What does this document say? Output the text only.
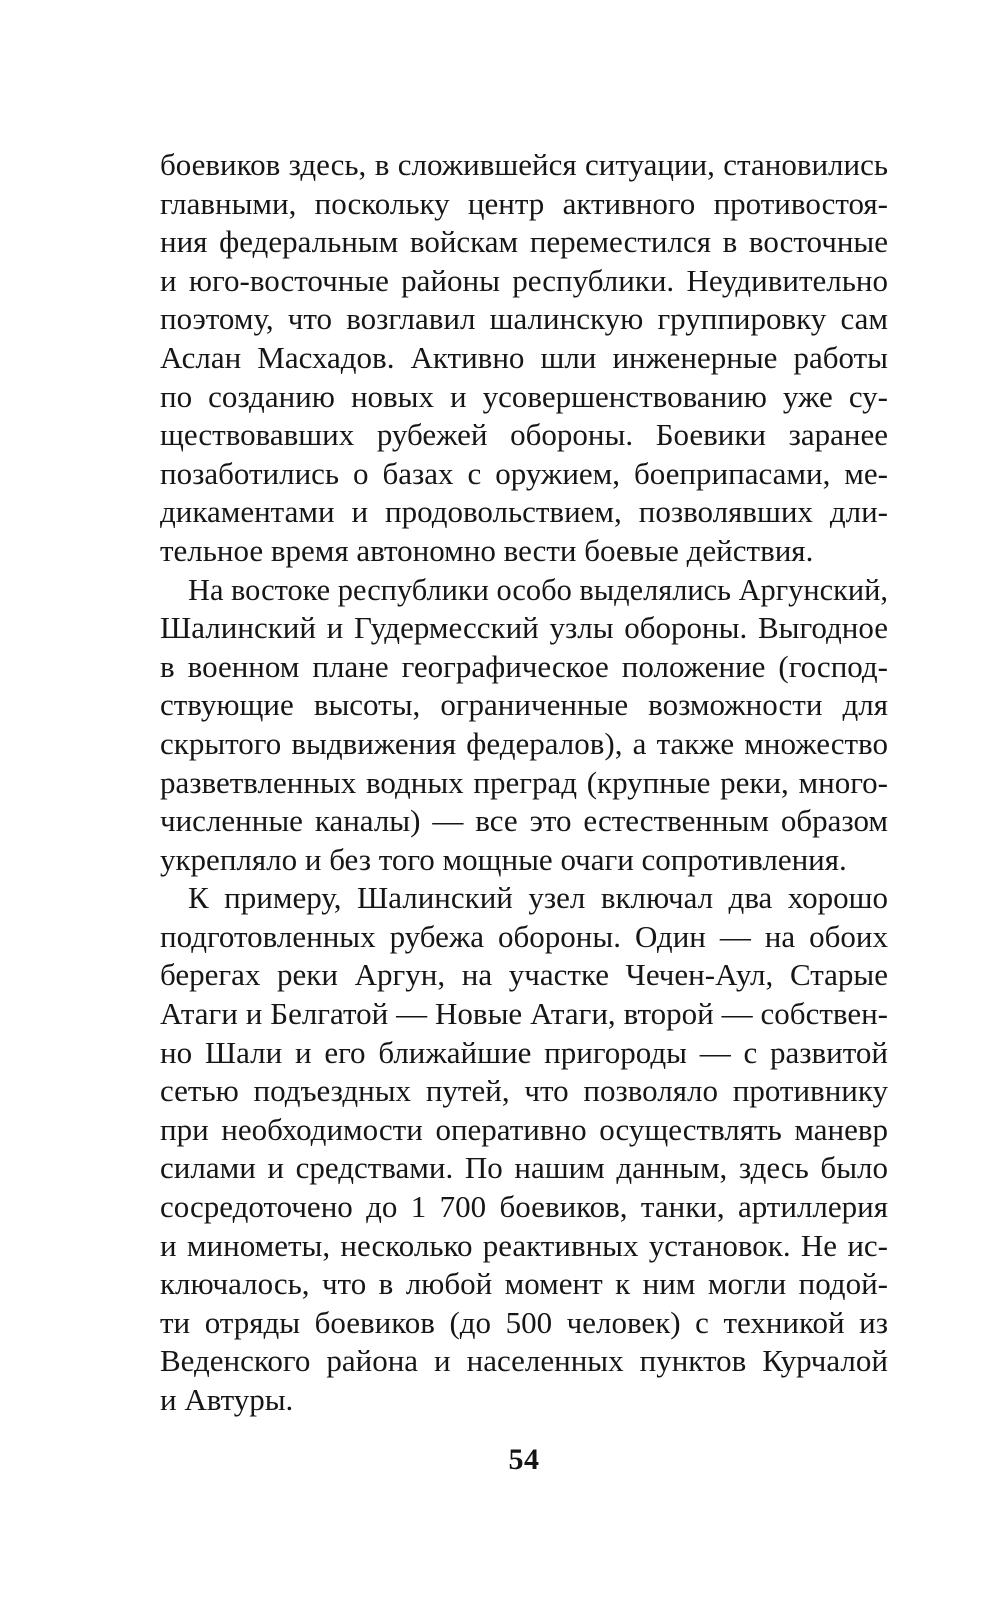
боевиков здесь, в сложившейся ситуации, становились
главными, поскольку центр активного противостоя-
ния федеральным войскам переместился в восточные
и юго-восточные районы республики. Неудивительно
поэтому, что возглавил шалинскую группировку сам
Аслан Масхадов. Активно шли инженерные работы
по созданию новых и усовершенствованию уже су-
ществовавших рубежей обороны. Боевики заранее
позаботились о базах с оружием, боеприпасами, ме-
дикаментами и продовольствием, позволявших дли-
тельное время автономно вести боевые действия.
На востоке республики особо выделялись Аргунский,
Шалинский и Гудермесский узлы обороны. Выгодное
в военном плане географическое положение (господ-
ствующие высоты, ограниченные возможности для
скрытого выдвижения федералов), а также множество
разветвленных водных преград (крупные реки, много-
численные каналы) — все это естественным образом
укрепляло и без того мощные очаги сопротивления.
К примеру, Шалинский узел включал два хорошо
подготовленных рубежа обороны. Один — на обоих
берегах реки Аргун, на участке Чечен-Аул, Старые
Атаги и Белгатой — Новые Атаги, второй — собствен-
но Шали и его ближайшие пригороды — с развитой
сетью подъездных путей, что позволяло противнику
при необходимости оперативно осуществлять маневр
силами и средствами. По нашим данным, здесь было
сосредоточено до 1 700 боевиков, танки, артиллерия
и минометы, несколько реактивных установок. Не ис-
ключалось, что в любой момент к ним могли подой-
ти отряды боевиков (до 500 человек) с техникой из
Веденского района и населенных пунктов Курчалой
и Автуры.
54
